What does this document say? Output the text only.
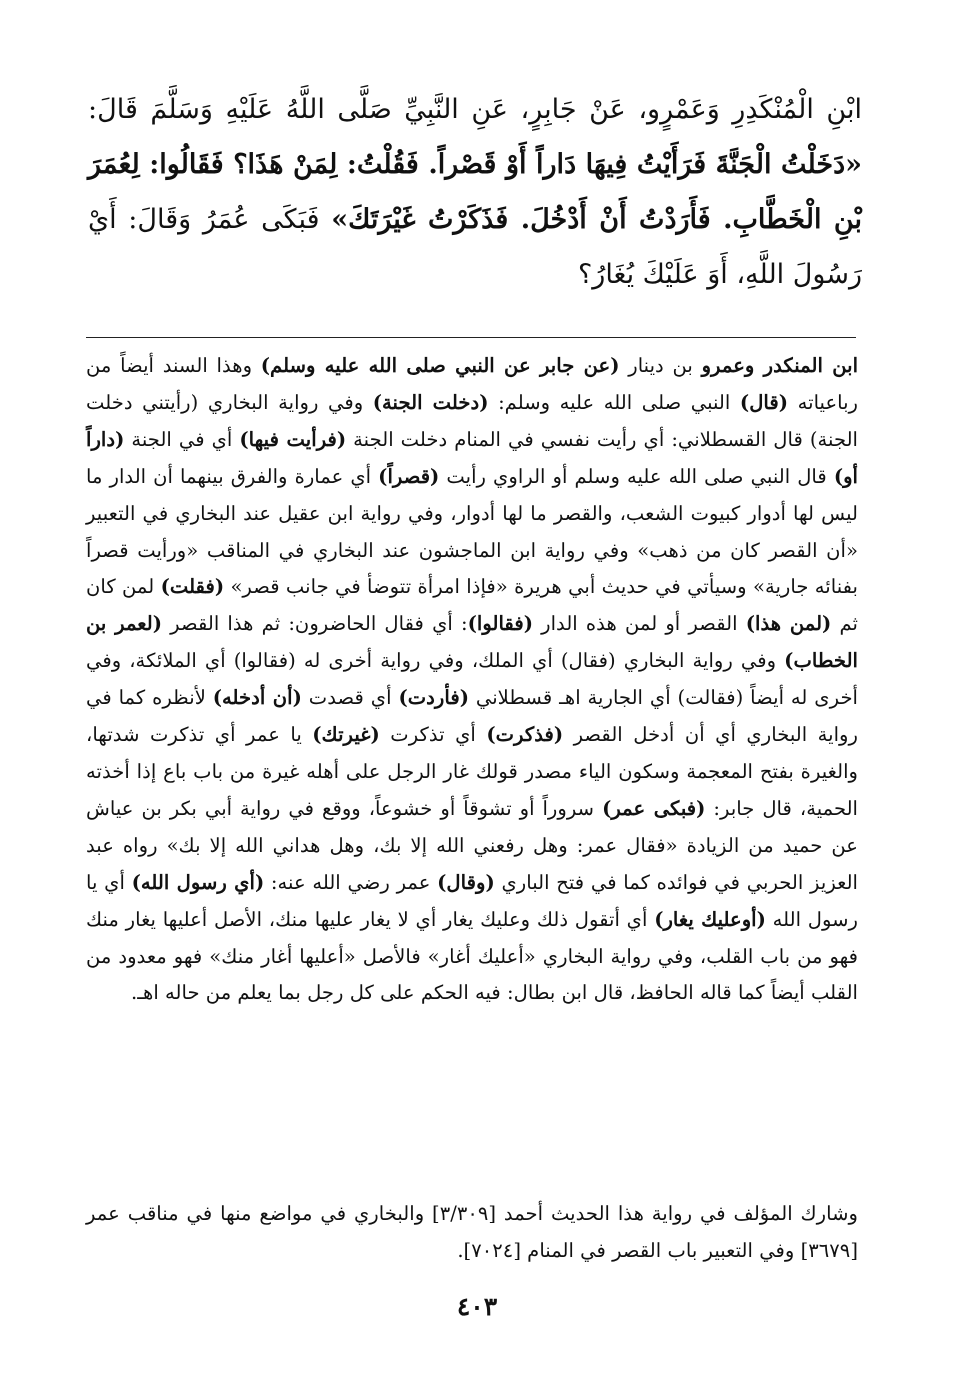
ابْنِ الْمُنْكَدِرِ وَعَمْرٍو، عَنْ جَابِرٍ، عَنِ النَّبِيِّ صَلَّى اللَّهُ عَلَيْهِ وَسَلَّمَ قَالَ: «دَخَلْتُ الْجَنَّةَ فَرَأَيْتُ فِيهَا دَاراً أَوْ قَصْراً. فَقُلْتُ: لِمَنْ هَذَا؟ فَقَالُوا: لِعُمَرَ بْنِ الْخَطَّابِ. فَأَرَدْتُ أَنْ أَدْخُلَ. فَذَكَرْتُ غَيْرَتَكَ» فَبَكَى عُمَرُ وَقَالَ: أَيْ رَسُولَ اللَّهِ، أَوَ عَلَيْكَ يُغَارُ؟
ابن المنكدر وعمرو بن دينار (عن جابر عن النبي صلى الله عليه وسلم) وهذا السند أيضاً من رباعياته (قال) النبي صلى الله عليه وسلم: (دخلت الجنة) وفي رواية البخاري (رأيتني دخلت الجنة) قال القسطلاني: أي رأيت نفسي في المنام دخلت الجنة (فرأيت فيها) أي في الجنة (داراً أو) قال النبي صلى الله عليه وسلم أو الراوي رأيت (قصراً) أي عمارة والفرق بينهما أن الدار ما ليس لها أدوار كبيوت الشعب، والقصر ما لها أدوار، وفي رواية ابن عقيل عند البخاري في التعبير «أن القصر كان من ذهب» وفي رواية ابن الماجشون عند البخاري في المناقب «ورأيت قصراً بفنائه جارية» وسيأتي في حديث أبي هريرة «فإذا امرأة تتوضأ في جانب قصر» (فقلت) لمن كان ثم (لمن هذا) القصر أو لمن هذه الدار (فقالوا): أي فقال الحاضرون: ثم هذا القصر (لعمر بن الخطاب) وفي رواية البخاري (فقال) أي الملك، وفي رواية أخرى له (فقالوا) أي الملائكة، وفي أخرى له أيضاً (فقالت) أي الجارية اهـ قسطلاني (فأردت) أي قصدت (أن أدخله) لأنظره كما في رواية البخاري أي أن أدخل القصر (فذكرت) أي تذكرت (غيرتك) يا عمر أي تذكرت شدتها، والغيرة بفتح المعجمة وسكون الياء مصدر قولك غار الرجل على أهله غيرة من باب باع إذا أخذته الحمية، قال جابر: (فبكى عمر) سروراً أو تشوقاً أو خشوعاً، ووقع في رواية أبي بكر بن عياش عن حميد من الزيادة «فقال عمر: وهل رفعني الله إلا بك، وهل هداني الله إلا بك» رواه عبد العزيز الحربي في فوائده كما في فتح الباري (وقال) عمر رضي الله عنه: (أي رسول الله) أي يا رسول الله (أوعليك يغار) أي أتقول ذلك وعليك يغار أي لا يغار عليها منك، الأصل أعليها يغار منك فهو من باب القلب، وفي رواية البخاري «أعليك أغار» فالأصل «أعليها أغار منك» فهو معدود من القلب أيضاً كما قاله الحافظ، قال ابن بطال: فيه الحكم على كل رجل بما يعلم من حاله اهـ.
وشارك المؤلف في رواية هذا الحديث أحمد [٣/٣٠٩] والبخاري في مواضع منها في مناقب عمر [٣٦٧٩] وفي التعبير باب القصر في المنام [٧٠٢٤].
٤٠٣
